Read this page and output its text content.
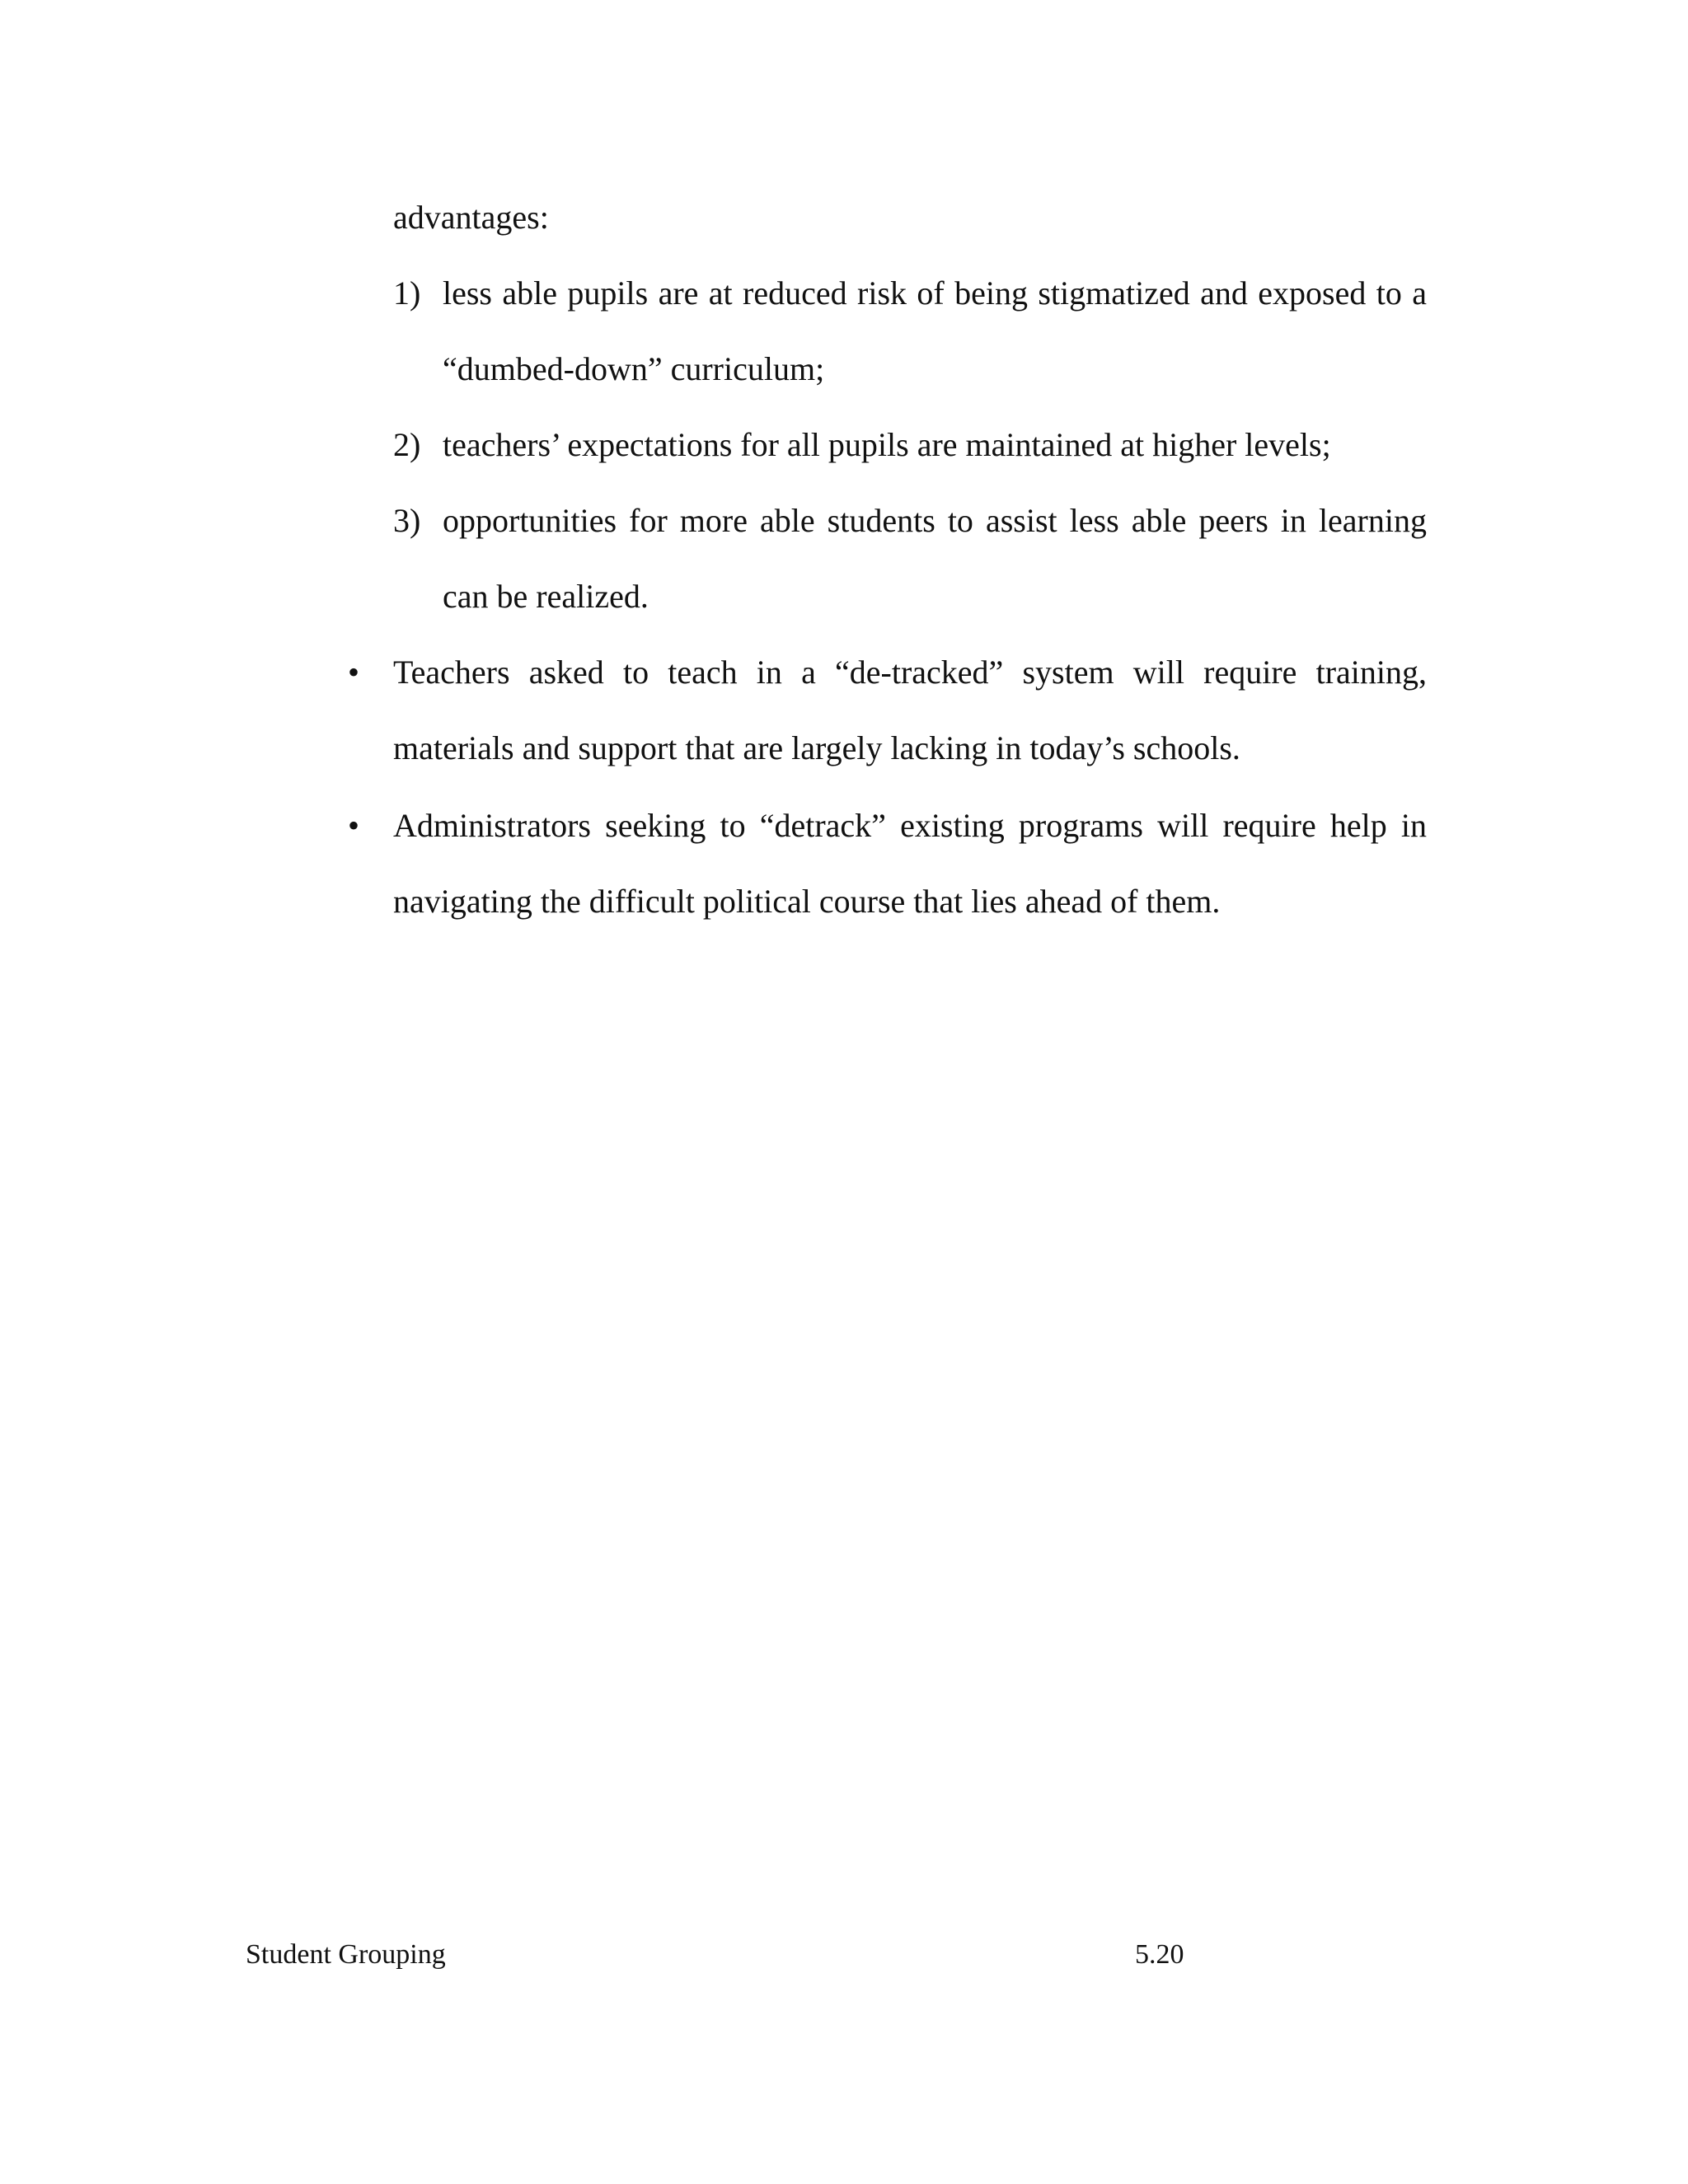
advantages:
1) less able pupils are at reduced risk of being stigmatized and exposed to a “dumbed-down” curriculum;
2) teachers’ expectations for all pupils are maintained at higher levels;
3) opportunities for more able students to assist less able peers in learning can be realized.
• Teachers asked to teach in a “de-tracked” system will require training, materials and support that are largely lacking in today’s schools.
• Administrators seeking to “detrack” existing programs will require help in navigating the difficult political course that lies ahead of them.
Student Grouping	5.20
